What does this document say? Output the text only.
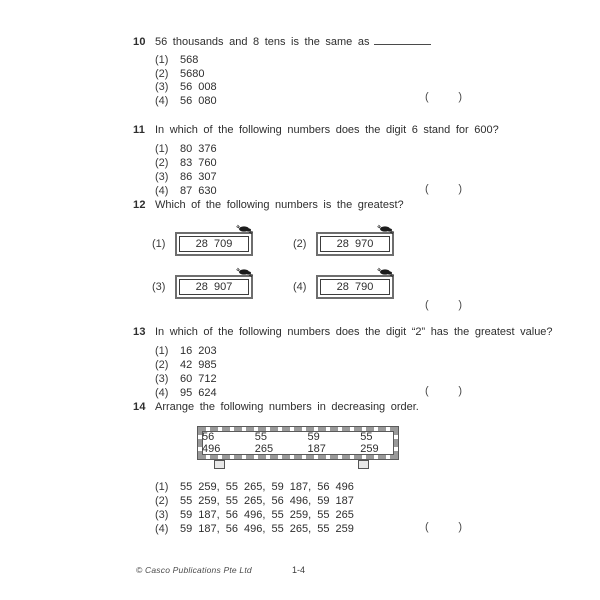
10 56 thousands and 8 tens is the same as
(1)	568
(2)	5680
(3)	56 008
(4)	56 080	(	)
11 In which of the following numbers does the digit 6 stand for 600?
(1)	80 376
(2)	83 760
(3)	86 307
(4)	87 630	(	)
12 Which of the following numbers is the greatest?
(1)	28 709	(2)	28 970
(3)	28 907	(4)	28 790
(	)
13 In which of the following numbers does the digit “2” has the greatest value?
(1)	16 203
(2)	42 985
(3)	60 712
(4)	95 624	(	)
14 Arrange the following numbers in decreasing order.
56 496
55 265
59 187
55 259
(1)	55 259, 55 265, 59 187, 56 496
(2)	55 259, 55 265, 56 496, 59 187
(3)	59 187, 56 496, 55 259, 55 265
(4)	59 187, 56 496, 55 265, 55 259	(	)
© Casco Publications Pte Ltd	1-4
